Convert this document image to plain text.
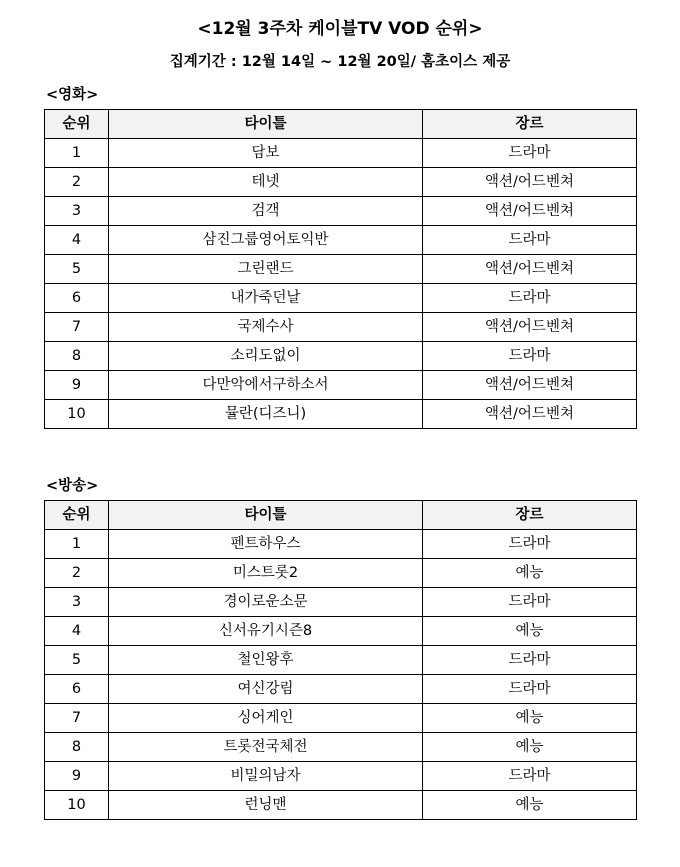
<12월 3주차 케이블TV VOD 순위>
집계기간 : 12월 14일 ~ 12월 20일/ 홈초이스 제공
<영화>
순위	타이틀	장르
1	담보	드라마
2	테넷	액션/어드벤쳐
3	검객	액션/어드벤쳐
4	삼진그룹영어토익반	드라마
5	그린랜드	액션/어드벤쳐
6	내가죽던날	드라마
7	국제수사	액션/어드벤쳐
8	소리도없이	드라마
9	다만악에서구하소서	액션/어드벤쳐
10	뮬란(디즈니)	액션/어드벤쳐
<방송>
순위	타이틀	장르
1	펜트하우스	드라마
2	미스트롯2	예능
3	경이로운소문	드라마
4	신서유기시즌8	예능
5	철인왕후	드라마
6	여신강림	드라마
7	싱어게인	예능
8	트롯전국체전	예능
9	비밀의남자	드라마
10	런닝맨	예능
